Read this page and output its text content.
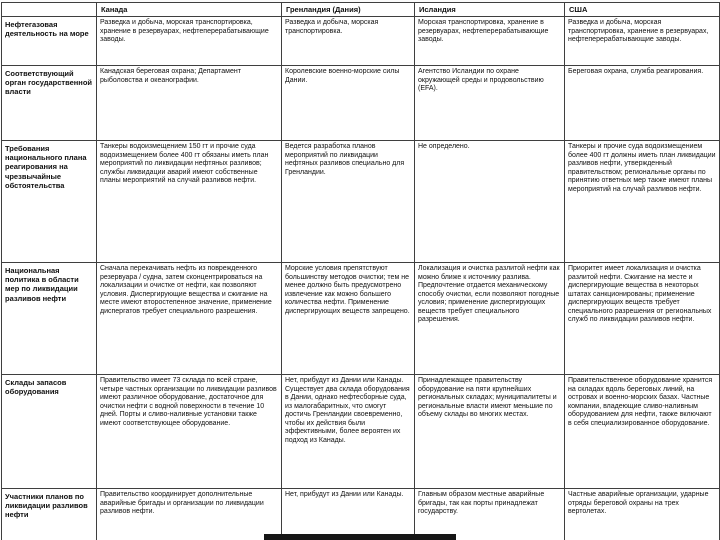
	Канада	Гренландия (Дания)	Исландия	США
Нефтегазовая деятельность на море	Разведка и добыча, морская транспортировка, хранение в резервуарах, нефтеперерабатывающие заводы.	Разведка и добыча, морская транспортировка.	Морская транспортировка, хранение в резервуарах, нефтеперерабатывающие заводы.	Разведка и добыча, морская транспортировка, хранение в резервуарах, нефтеперерабатывающие заводы.
Соответствующий орган государственной власти	Канадская береговая охрана; Департамент рыболовства и океанографии.	Королевские военно-морские силы Дании.	Агентство Исландии по охране окружающей среды и продовольствию (EFA).	Береговая охрана, служба реагирования.
Требования национального плана реагирования на чрезвычайные обстоятельства	Танкеры водоизмещением 150 гт и прочие суда водоизмещением более 400 гт обязаны иметь план мероприятий по ликвидации нефтяных разливов; службы ликвидации аварий имеют собственные планы мероприятий на случай разливов нефти.	Ведется разработка планов мероприятий по ликвидации нефтяных разливов специально для Гренландии.	Не определено.	Танкеры и прочие суда водоизмещением более 400 гт должны иметь план ликвидации разливов нефти, утвержденный правительством; региональные органы по принятию ответных мер также имеют планы мероприятий на случай разливов нефти.
Национальная политика в области мер по ликвидации разливов нефти	Сначала перекачивать нефть из поврежденного резервуара / судна, затем сконцентрироваться на локализации и очистке от нефти, как позволяют условия. Диспергирующие вещества и сжигание на месте имеют второстепенное значение, применение диспергатов требует специального разрешения.	Морские условия препятствуют большинству методов очистки; тем не менее должно быть предусмотрено извлечение как можно большего количества нефти. Применение диспергирующих веществ запрещено.	Локализация и очистка разлитой нефти как можно ближе к источнику разлива. Предпочтение отдается механическому способу очистки, если позволяют погодные условия; применение диспергирующих веществ требует специального разрешения.	Приоритет имеет локализация и очистка разлитой нефти. Сжигание на месте и диспергирующие вещества в некоторых штатах санкционированы; применение диспергирующих веществ требует специального разрешения от региональных служб по ликвидации разливов нефти.
Склады запасов оборудования	Правительство имеет 73 склада по всей стране, четыре частных организации по ликвидации разливов имеют различное оборудование, достаточное для очистки нефти с водной поверхности в течение 10 дней. Порты и сливо-наливные установки также имеют соответствующее оборудование.	Нет, прибудут из Дании или Канады. Существует два склада оборудования в Дании, однако нефтесборные суда, из малогабаритных, что смогут достичь Гренландии своевременно, чтобы их действия были эффективными, более вероятен их подход из Канады.	Принадлежащее правительству оборудование на пяти крупнейших региональных складах; муниципалитеты и региональные власти имеют меньшие по объему склады во многих местах.	Правительственное оборудование хранится на складах вдоль береговых линий, на островах и военно-морских базах. Частные компании, владеющие сливо-наливным оборудованием для нефти, также включают в себя специализированное оборудование.
Участники планов по ликвидации разливов нефти	Правительство координирует дополнительные аварийные бригады и организации по ликвидации разливов нефти.	Нет, прибудут из Дании или Канады.	Главным образом местные аварийные бригады, так как порты принадлежат государству.	Частные аварийные организации, ударные отряды береговой охраны на трех вертолетах.
